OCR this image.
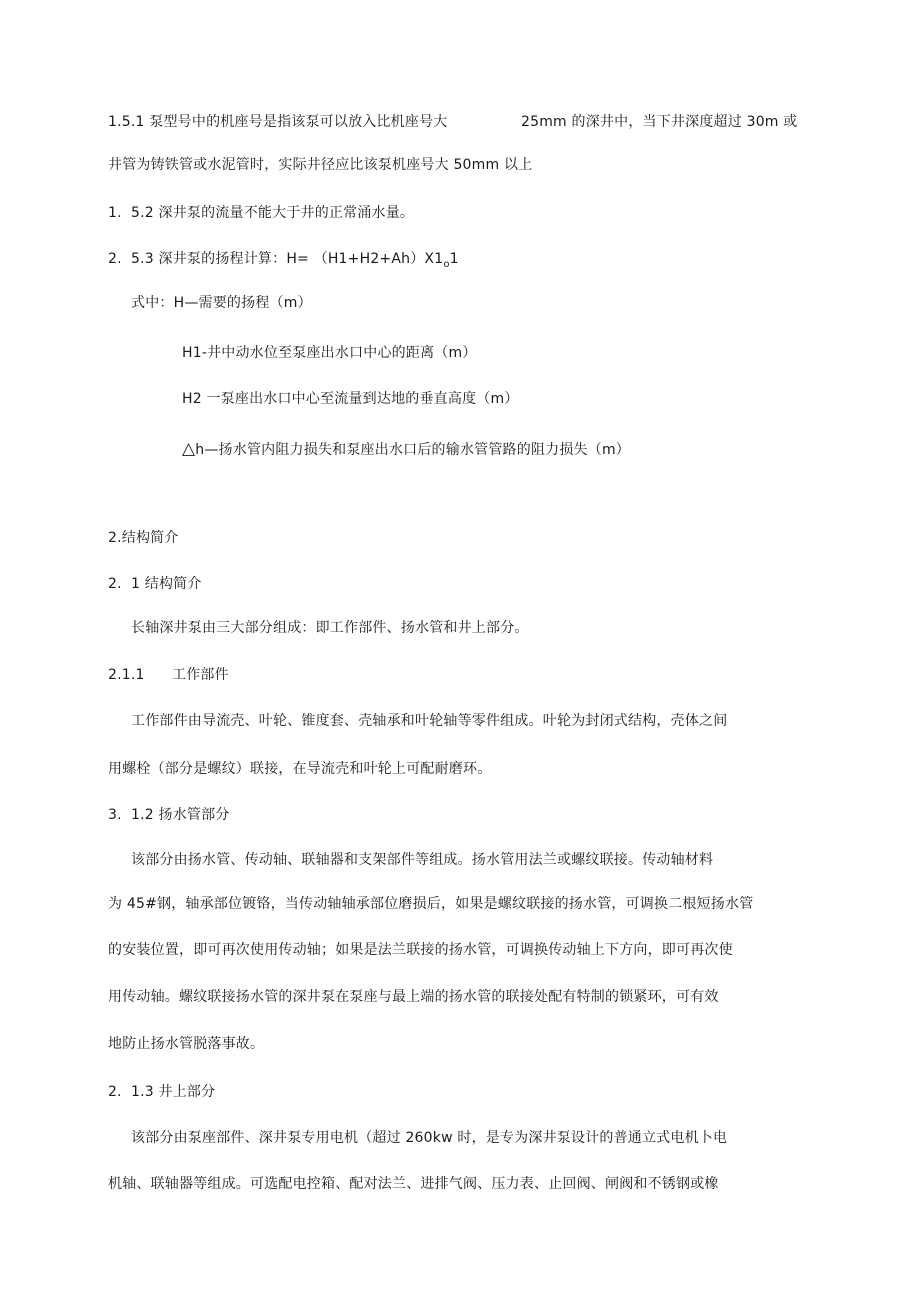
1.5.1 泵型号中的机座号是指该泵可以放入比机座号大	25mm 的深井中，当下井深度超过 30m 或
井管为铸铁管或水泥管时，实际井径应比该泵机座号大 50mm 以上
1. 5.2 深井泵的流量不能大于井的正常涌水量。
2. 5.3 深井泵的扬程计算：$H= (H1+H2+Ah)X1_o1$
式中：H—需要的扬程（m）
H1-井中动水位至泵座出水口中心的距离（m）
H2 一泵座出水口中心至流量到达地的垂直高度（m）
△h—扬水管内阻力损失和泵座出水口后的输水管管路的阻力损失（m）
2.结构简介
2. 1 结构简介
长轴深井泵由三大部分组成：即工作部件、扬水管和井上部分。
2.1.1 工作部件
工作部件由导流壳、叶轮、锥度套、壳轴承和叶轮轴等零件组成。叶轮为封闭式结构，壳体之间
用螺栓（部分是螺纹）联接，在导流壳和叶轮上可配耐磨环。
3. 1.2 扬水管部分
该部分由扬水管、传动轴、联轴器和支架部件等组成。扬水管用法兰或螺纹联接。传动轴材料
为 45#钢，轴承部位镀铬，当传动轴轴承部位磨损后，如果是螺纹联接的扬水管，可调换二根短扬水管
的安装位置，即可再次使用传动轴；如果是法兰联接的扬水管，可调换传动轴上下方向，即可再次使
用传动轴。螺纹联接扬水管的深井泵在泵座与最上端的扬水管的联接处配有特制的锁紧环，可有效
地防止扬水管脱落事故。
2. 1.3 井上部分
该部分由泵座部件、深井泵专用电机（超过 260kw 时，是专为深井泵设计的普通立式电机卜电
机轴、联轴器等组成。可选配电控箱、配对法兰、进排气阀、压力表、止回阀、闸阀和不锈钢或橡
